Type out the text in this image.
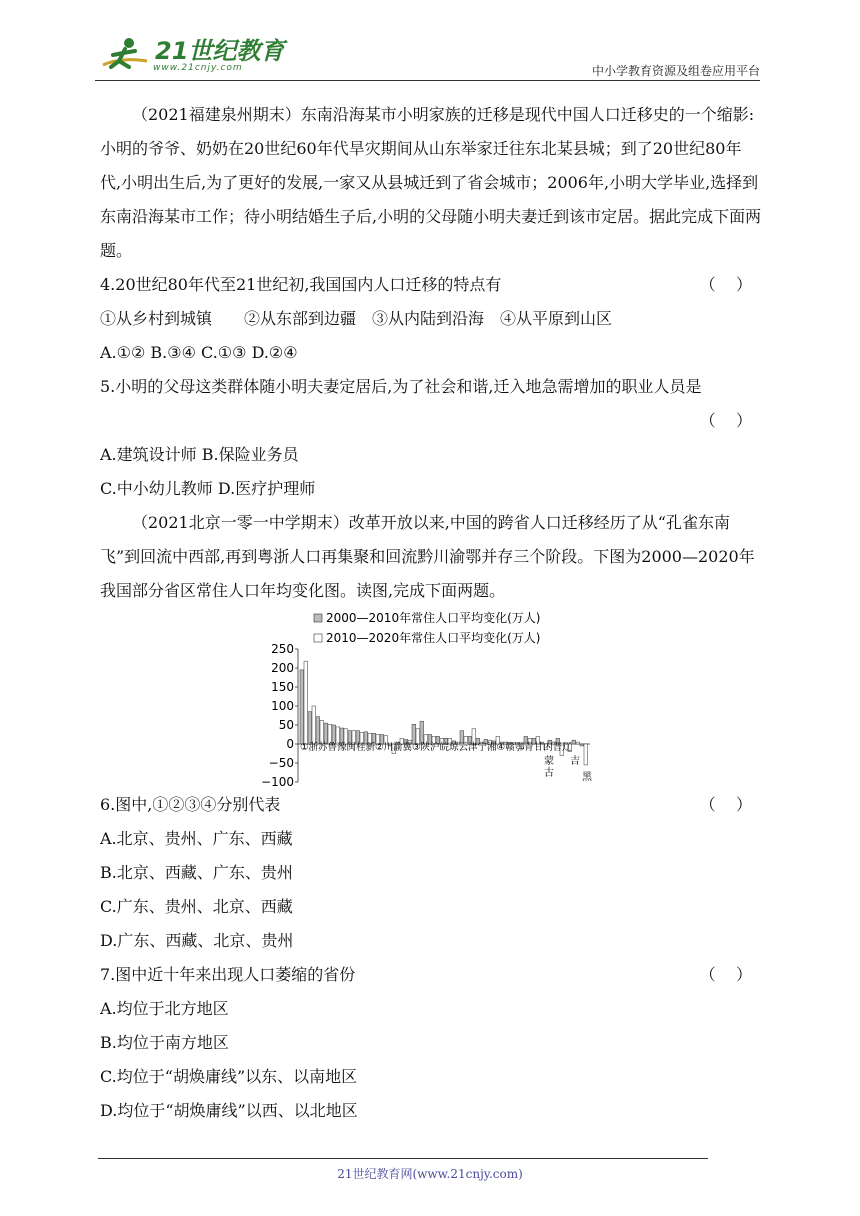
21世纪教育
www.21cnjy.com	中小学教育资源及组卷应用平台

（2021福建泉州期末）东南沿海某市小明家族的迁移是现代中国人口迁移史的一个缩影:小明的爷爷、奶奶在20世纪60年代旱灾期间从山东举家迁往东北某县城；到了20世纪80年代,小明出生后,为了更好的发展,一家又从县城迁到了省会城市；2006年,小明大学毕业,选择到东南沿海某市工作；待小明结婚生子后,小明的父母随小明夫妻迁到该市定居。据此完成下面两题。

4.20世纪80年代至21世纪初,我国国内人口迁移的特点有	（    ）

①从乡村到城镇　　②从东部到边疆　③从内陆到沿海　④从平原到山区

A.①② B.③④ C.①③ D.②④

5.小明的父母这类群体随小明夫妻定居后,为了社会和谐,迁入地急需增加的职业人员是

（    ）

A.建筑设计师 B.保险业务员

C.中小幼儿教师 D.医疗护理师

（2021北京一零一中学期末）改革开放以来,中国的跨省人口迁移经历了从“孔雀东南飞”到回流中西部,再到粤浙人口再集聚和回流黔川渝鄂并存三个阶段。下图为2000—2020年我国部分省区常住人口年均变化图。读图,完成下面两题。

2000—2010年常住人口平均变化(万人)
2010—2020年常住人口平均变化(万人)
250
200
150
100
50
0
−50
−100
①浙苏鲁豫闽桂新②川渝冀③陕沪皖琼云津宁湘④赣鄂青甘内晋辽
蒙
古
吉
黑
6.图中,①②③④分别代表	（    ）

A.北京、贵州、广东、西藏

B.北京、西藏、广东、贵州

C.广东、贵州、北京、西藏

D.广东、西藏、北京、贵州

7.图中近十年来出现人口萎缩的省份	（    ）

A.均位于北方地区

B.均位于南方地区

C.均位于“胡焕庸线”以东、以南地区

D.均位于“胡焕庸线”以西、以北地区

21世纪教育网(www.21cnjy.com)
